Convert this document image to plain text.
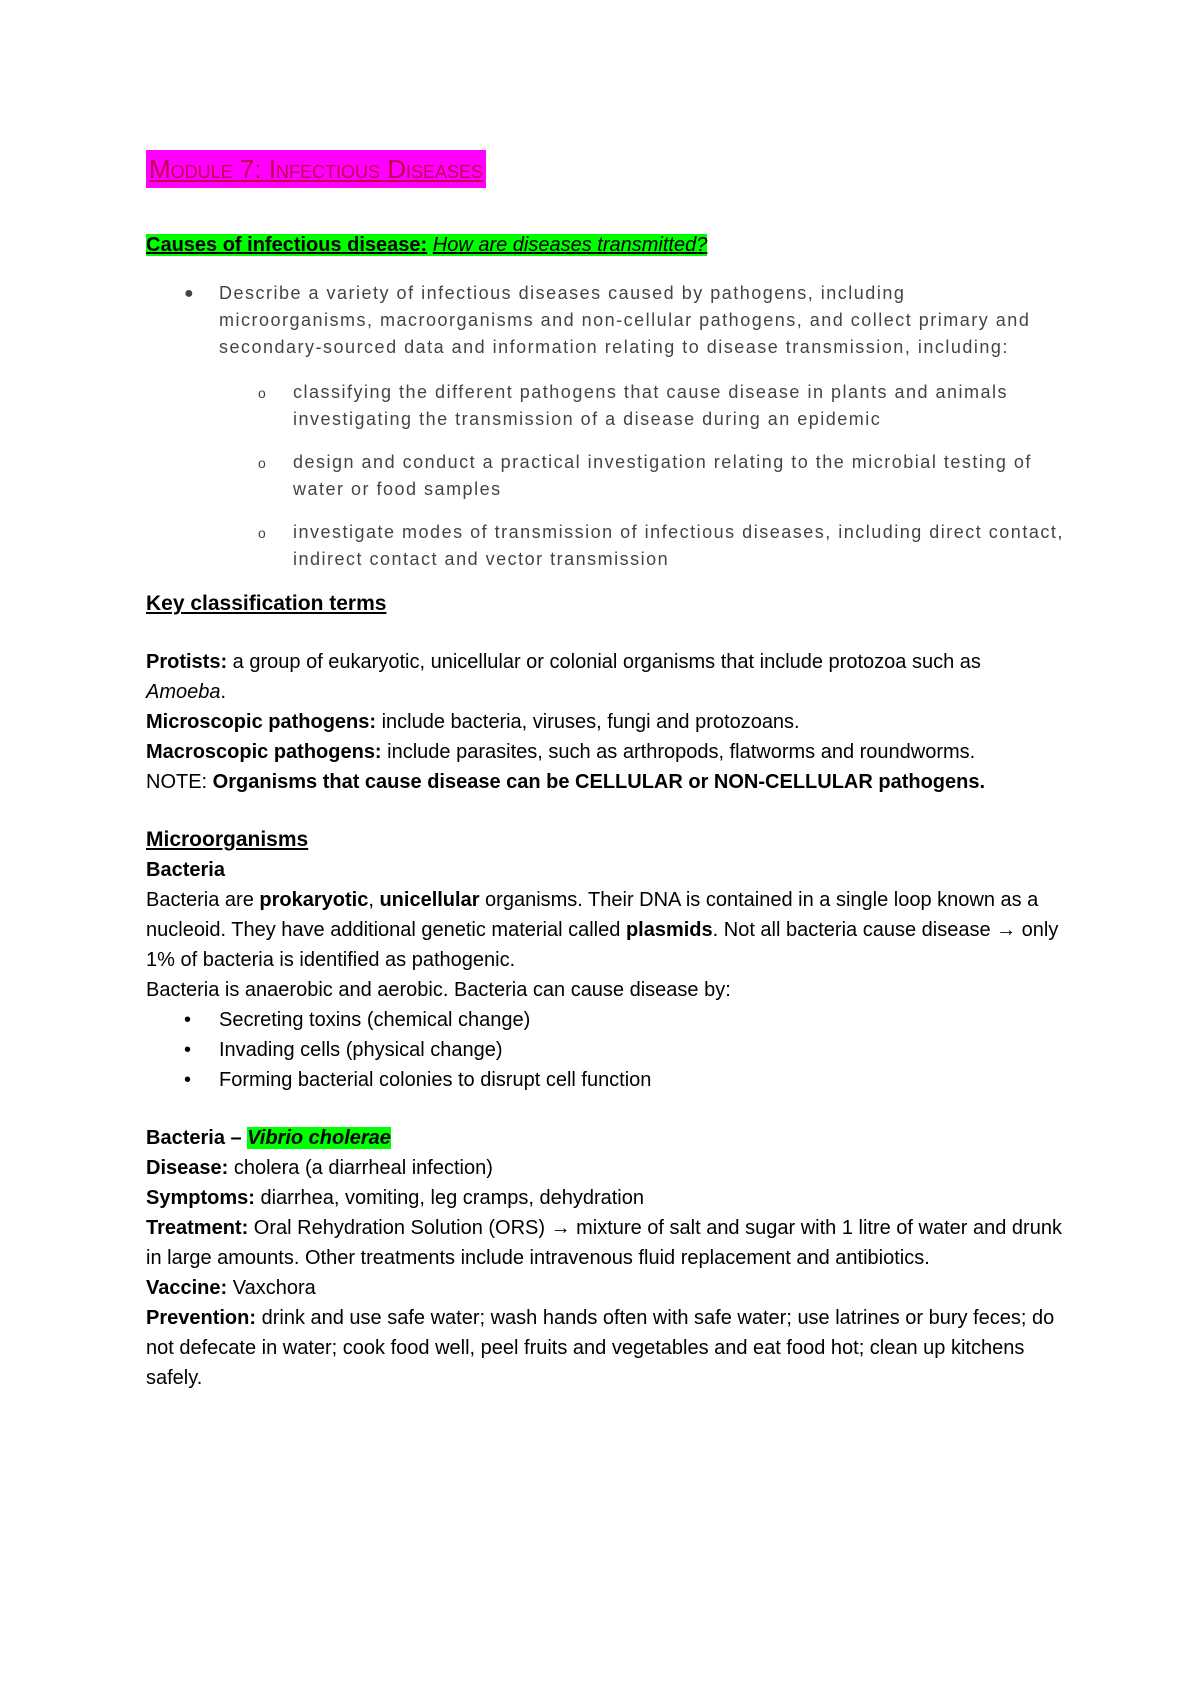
Module 7: Infectious Diseases
Causes of infectious disease: How are diseases transmitted?
● Describe a variety of infectious diseases caused by pathogens, including microorganisms, macroorganisms and non-cellular pathogens, and collect primary and secondary-sourced data and information relating to disease transmission, including:
o classifying the different pathogens that cause disease in plants and animals
investigating the transmission of a disease during an epidemic
o design and conduct a practical investigation relating to the microbial testing of water or food samples
o investigate modes of transmission of infectious diseases, including direct contact, indirect contact and vector transmission
Key classification terms
Protists: a group of eukaryotic, unicellular or colonial organisms that include protozoa such as Amoeba.
Microscopic pathogens: include bacteria, viruses, fungi and protozoans.
Macroscopic pathogens: include parasites, such as arthropods, flatworms and roundworms.
NOTE: Organisms that cause disease can be CELLULAR or NON-CELLULAR pathogens.
Microorganisms
Bacteria
Bacteria are prokaryotic, unicellular organisms. Their DNA is contained in a single loop known as a nucleoid. They have additional genetic material called plasmids. Not all bacteria cause disease → only 1% of bacteria is identified as pathogenic.
Bacteria is anaerobic and aerobic. Bacteria can cause disease by:
• Secreting toxins (chemical change)
• Invading cells (physical change)
• Forming bacterial colonies to disrupt cell function
Bacteria – Vibrio cholerae
Disease: cholera (a diarrheal infection)
Symptoms: diarrhea, vomiting, leg cramps, dehydration
Treatment: Oral Rehydration Solution (ORS) → mixture of salt and sugar with 1 litre of water and drunk in large amounts. Other treatments include intravenous fluid replacement and antibiotics.
Vaccine: Vaxchora
Prevention: drink and use safe water; wash hands often with safe water; use latrines or bury feces; do not defecate in water; cook food well, peel fruits and vegetables and eat food hot; clean up kitchens safely.
